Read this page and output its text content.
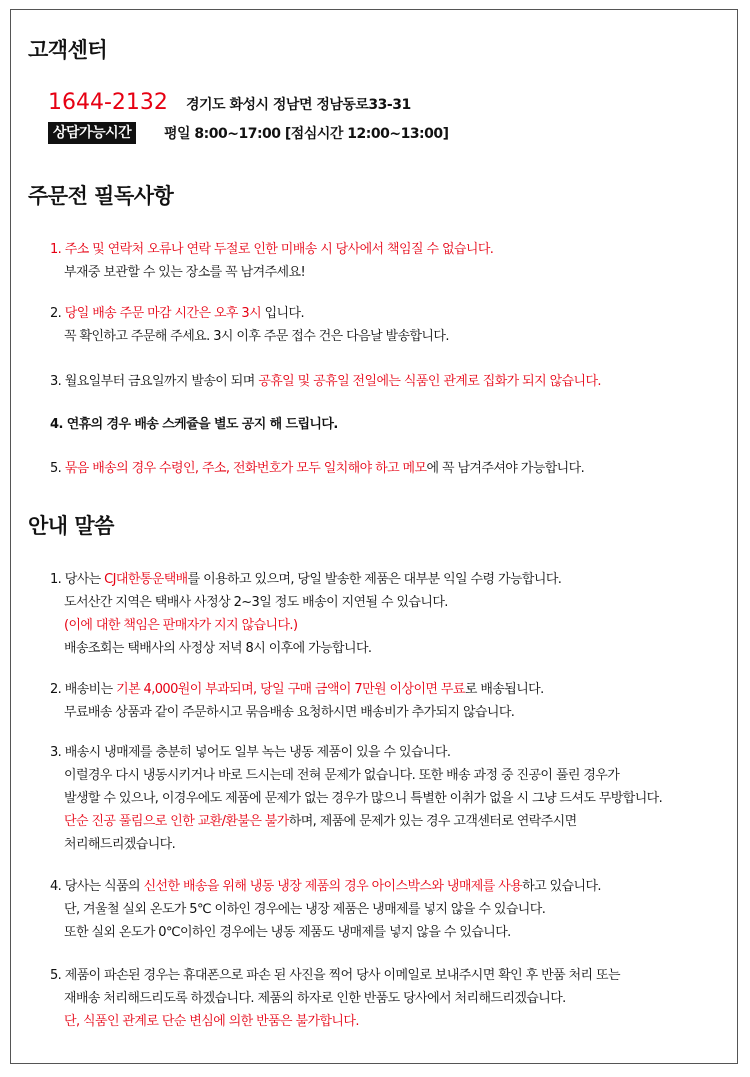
고객센터
1644-2132 경기도 화성시 정남면 정남동로33-31
상담가능시간	평일 8:00~17:00 [점심시간 12:00~13:00]
주문전 필독사항
1. 주소 및 연락처 오류나 연락 두절로 인한 미배송 시 당사에서 책임질 수 없습니다.
부재중 보관할 수 있는 장소를 꼭 남겨주세요!
2. 당일 배송 주문 마감 시간은 오후 3시 입니다.
꼭 확인하고 주문해 주세요. 3시 이후 주문 접수 건은 다음날 발송합니다.
3. 월요일부터 금요일까지 발송이 되며 공휴일 및 공휴일 전일에는 식품인 관계로 집화가 되지 않습니다.
4. 연휴의 경우 배송 스케쥴을 별도 공지 해 드립니다.
5. 묶음 배송의 경우 수령인, 주소, 전화번호가 모두 일치해야 하고 메모에 꼭 남겨주셔야 가능합니다.
안내 말씀
1. 당사는 CJ대한통운택배를 이용하고 있으며, 당일 발송한 제품은 대부분 익일 수령 가능합니다.
도서산간 지역은 택배사 사정상 2~3일 정도 배송이 지연될 수 있습니다.
(이에 대한 책임은 판매자가 지지 않습니다.)
배송조회는 택배사의 사정상 저녁 8시 이후에 가능합니다.
2. 배송비는 기본 4,000원이 부과되며, 당일 구매 금액이 7만원 이상이면 무료로 배송됩니다.
무료배송 상품과 같이 주문하시고 묶음배송 요청하시면 배송비가 추가되지 않습니다.
3. 배송시 냉매제를 충분히 넣어도 일부 녹는 냉동 제품이 있을 수 있습니다.
이럴경우 다시 냉동시키거나 바로 드시는데 전혀 문제가 없습니다. 또한 배송 과정 중 진공이 풀린 경우가
발생할 수 있으나, 이경우에도 제품에 문제가 없는 경우가 많으니 특별한 이취가 없을 시 그냥 드셔도 무방합니다.
단순 진공 풀림으로 인한 교환/환불은 불가하며, 제품에 문제가 있는 경우 고객센터로 연락주시면
처리해드리겠습니다.
4. 당사는 식품의 신선한 배송을 위해 냉동 냉장 제품의 경우 아이스박스와 냉매제를 사용하고 있습니다.
단, 겨울철 실외 온도가 5℃ 이하인 경우에는 냉장 제품은 냉매제를 넣지 않을 수 있습니다.
또한 실외 온도가 0℃이하인 경우에는 냉동 제품도 냉매제를 넣지 않을 수 있습니다.
5. 제품이 파손된 경우는 휴대폰으로 파손 된 사진을 찍어 당사 이메일로 보내주시면 확인 후 반품 처리 또는
재배송 처리해드리도록 하겠습니다. 제품의 하자로 인한 반품도 당사에서 처리해드리겠습니다.
단, 식품인 관계로 단순 변심에 의한 반품은 불가합니다.
